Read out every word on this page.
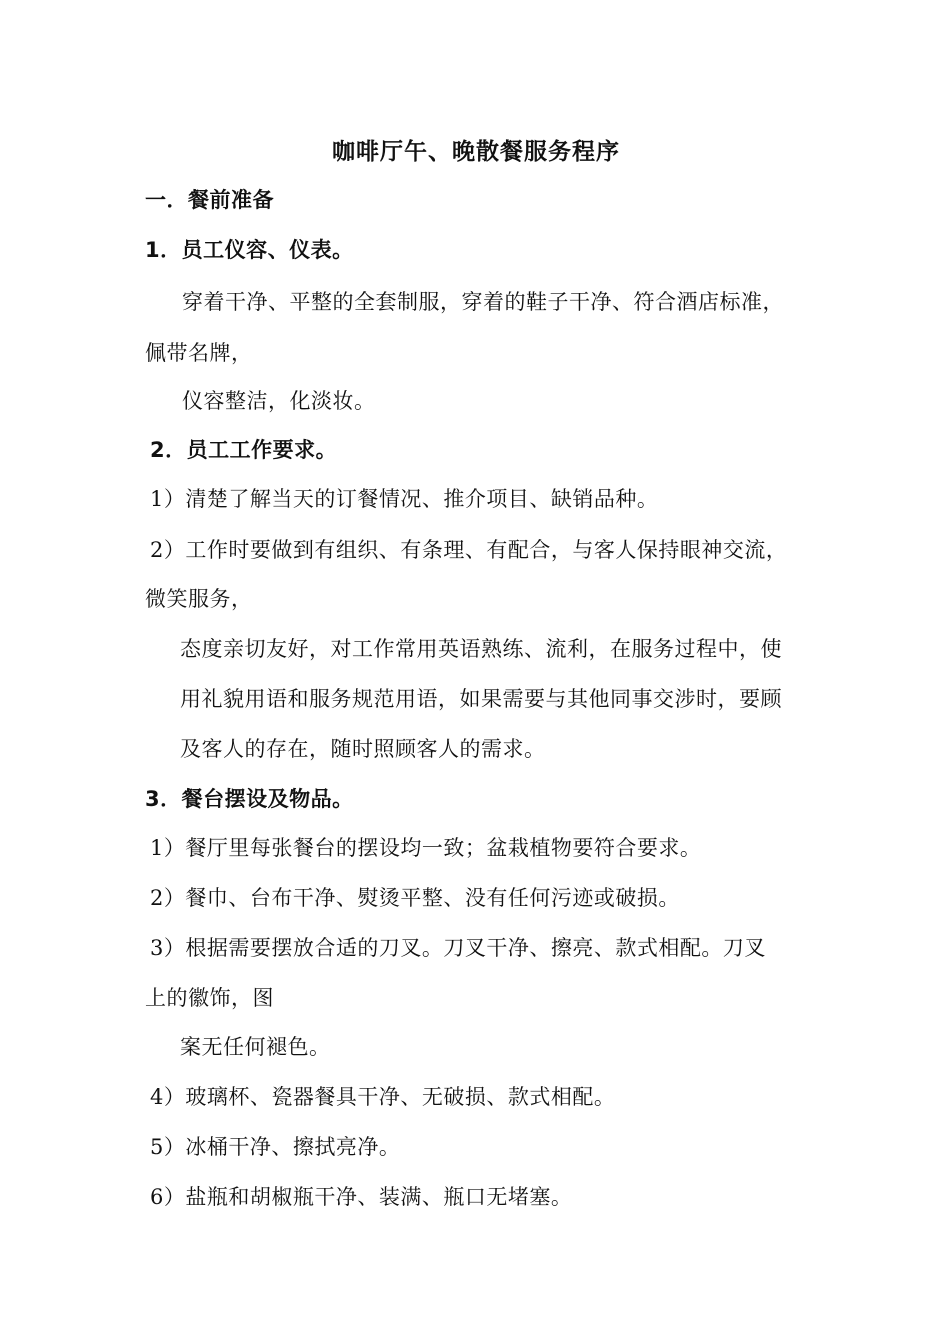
咖啡厅午、晚散餐服务程序
一．餐前准备
1．员工仪容、仪表。
穿着干净、平整的全套制服，穿着的鞋子干净、符合酒店标准，
佩带名牌，
仪容整洁，化淡妆。
2．员工工作要求。
1）清楚了解当天的订餐情况、推介项目、缺销品种。
2）工作时要做到有组织、有条理、有配合，与客人保持眼神交流，
微笑服务，
态度亲切友好，对工作常用英语熟练、流利，在服务过程中，使
用礼貌用语和服务规范用语，如果需要与其他同事交涉时，要顾
及客人的存在，随时照顾客人的需求。
3．餐台摆设及物品。
1）餐厅里每张餐台的摆设均一致；盆栽植物要符合要求。
2）餐巾、台布干净、熨烫平整、没有任何污迹或破损。
3）根据需要摆放合适的刀叉。刀叉干净、擦亮、款式相配。刀叉
上的徽饰，图
案无任何褪色。
4）玻璃杯、瓷器餐具干净、无破损、款式相配。
5）冰桶干净、擦拭亮净。
6）盐瓶和胡椒瓶干净、装满、瓶口无堵塞。
